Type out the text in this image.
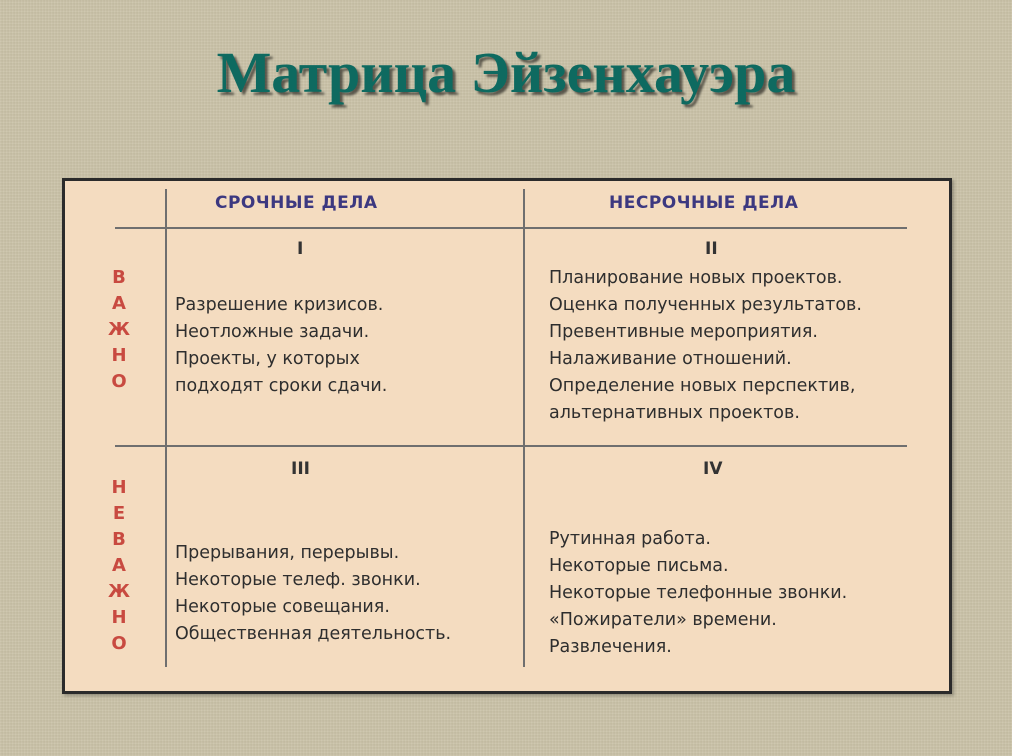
Матрица Эйзенхауэра
СРОЧНЫЕ ДЕЛА	НЕСРОЧНЫЕ ДЕЛА
В
А
Ж
Н
О
Н
Е
В
А
Ж
Н
О
I
Разрешение кризисов.
Неотложные задачи.
Проекты, у которых
подходят сроки сдачи.
II
Планирование новых проектов.
Оценка полученных результатов.
Превентивные мероприятия.
Налаживание отношений.
Определение новых перспектив,
альтернативных проектов.
III
Прерывания, перерывы.
Некоторые телеф. звонки.
Некоторые совещания.
Общественная деятельность.
IV
Рутинная работа.
Некоторые письма.
Некоторые телефонные звонки.
«Пожиратели» времени.
Развлечения.
